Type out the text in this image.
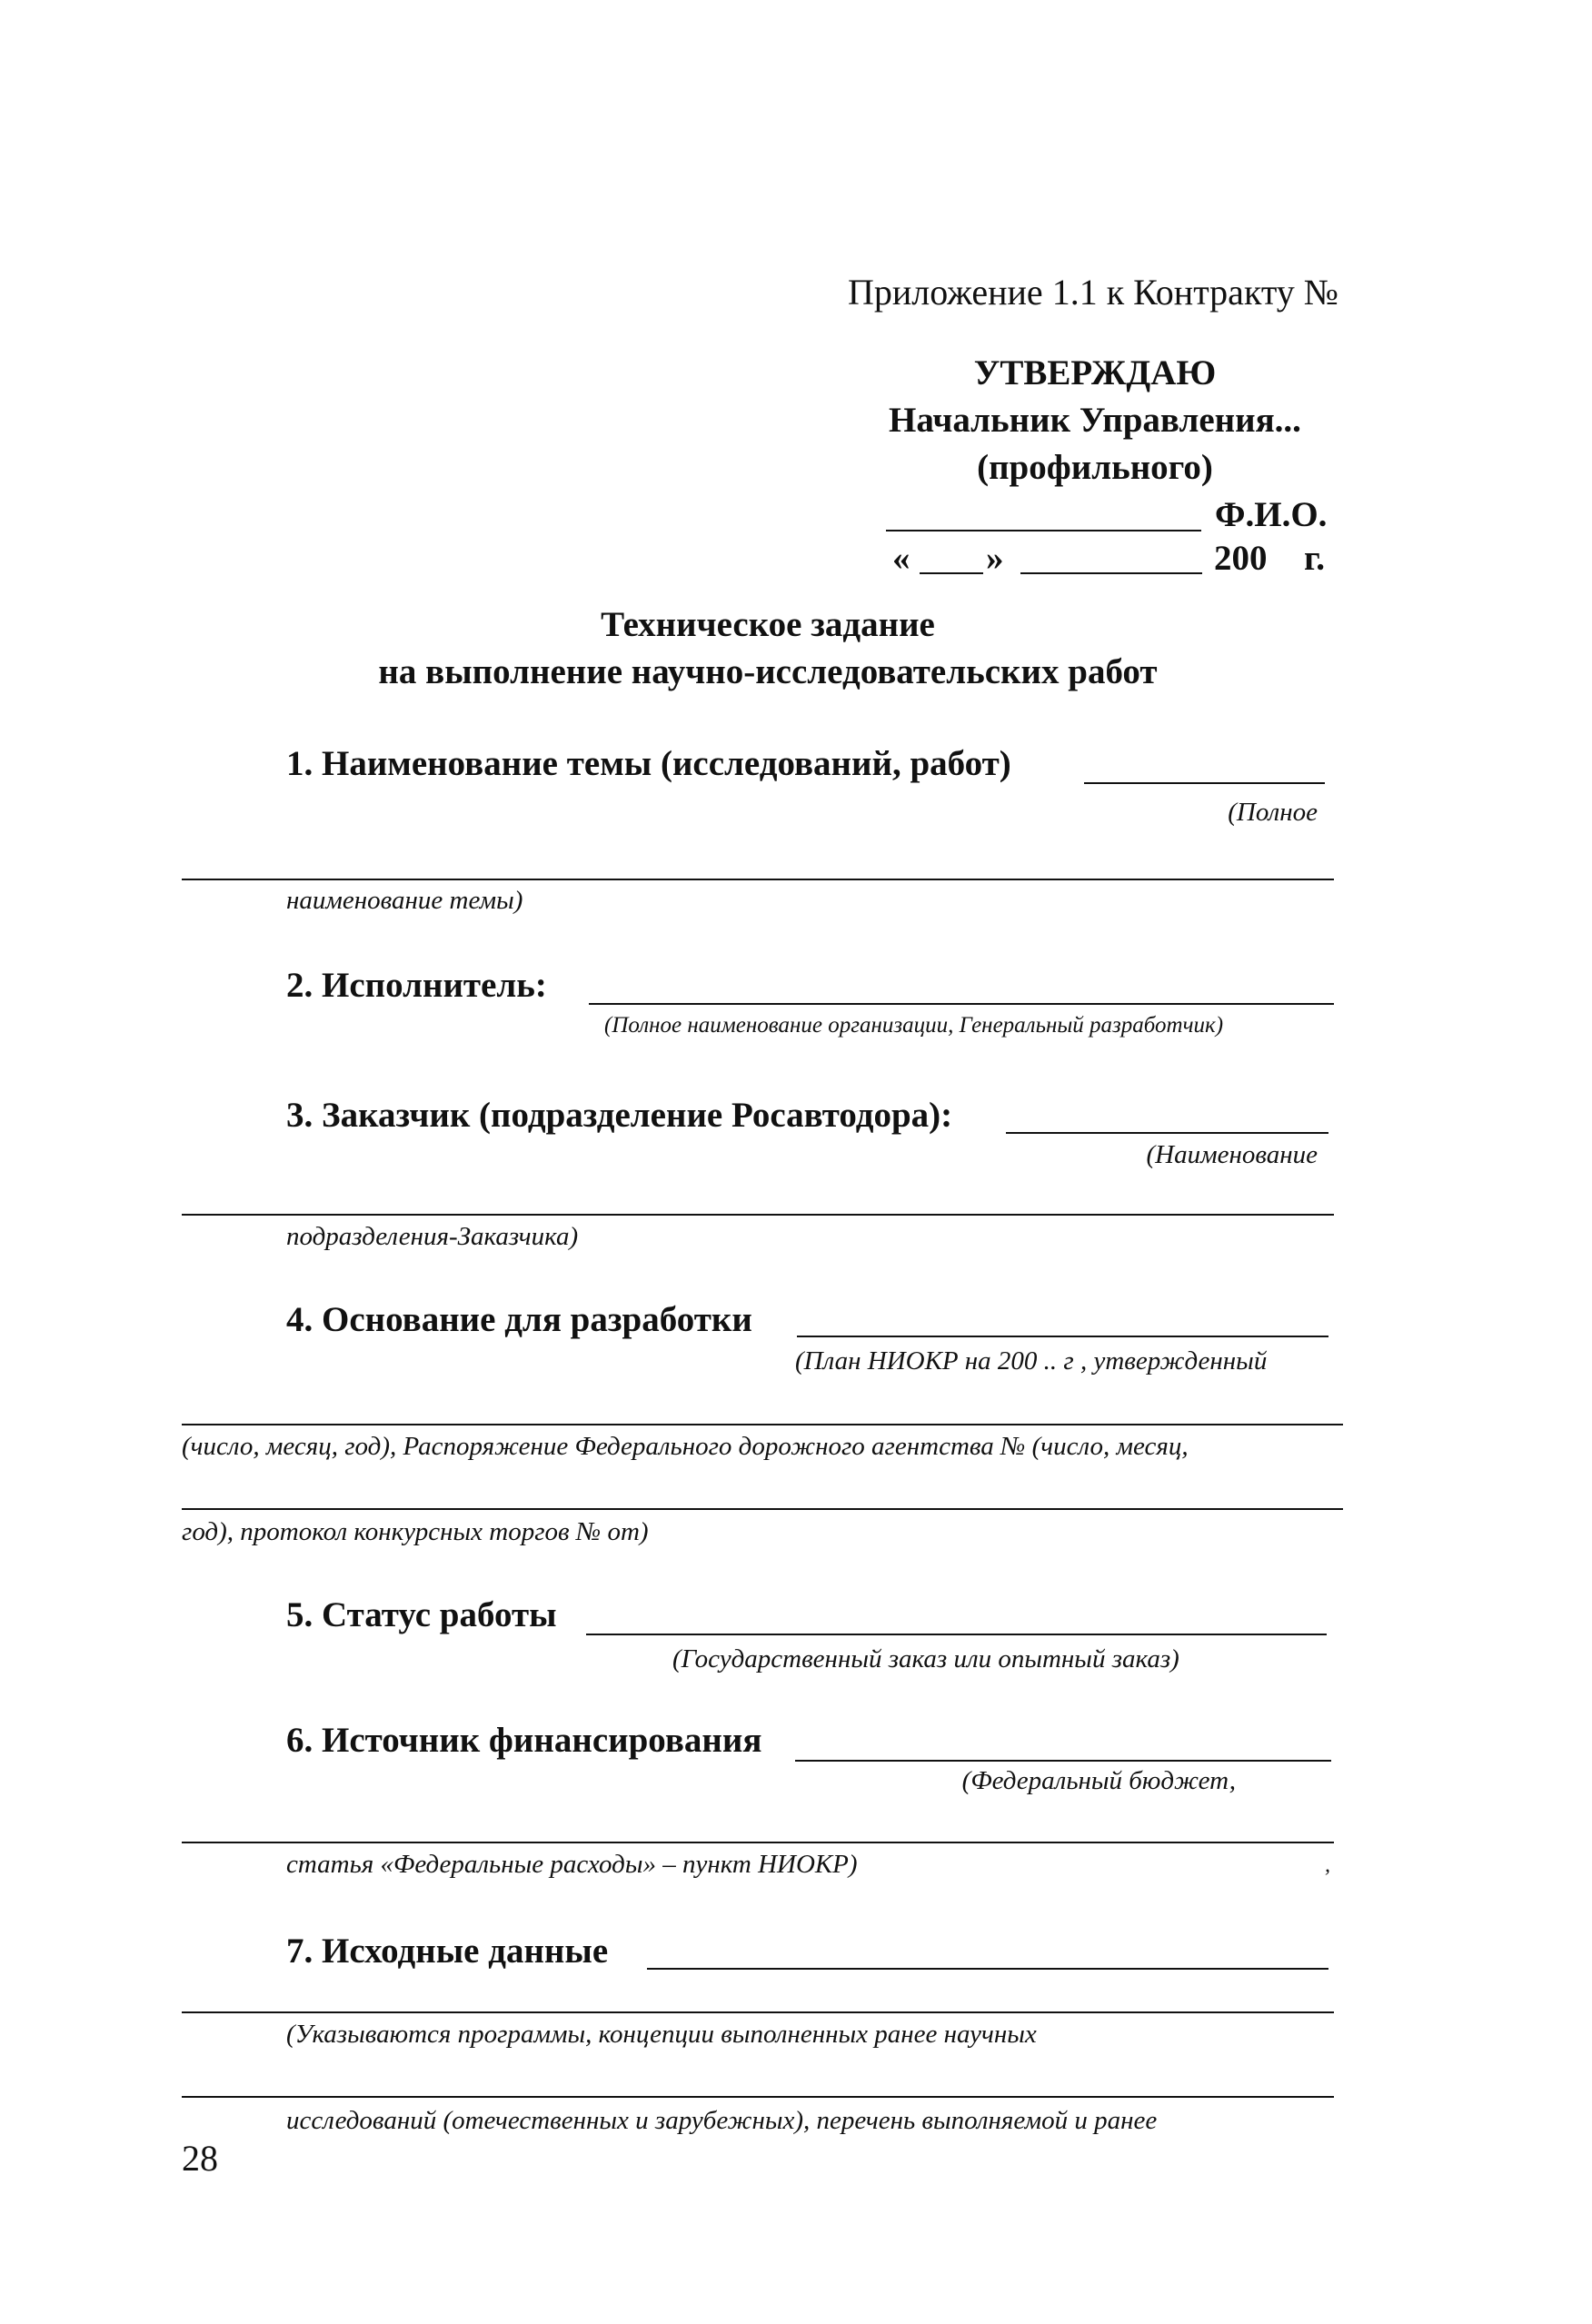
Приложение 1.1 к Контракту №
УТВЕРЖДАЮ
Начальник Управления...
(профильного)
Ф.И.О.
« »	200 г.
Техническое задание
на выполнение научно-исследовательских работ
1. Наименование темы (исследований, работ)
(Полное
наименование темы)
2. Исполнитель:
(Полное наименование организации, Генеральный разработчик)
3. Заказчик (подразделение Росавтодора):
(Наименование
подразделения-Заказчика)
4. Основание для разработки
(План НИОКР на 200 .. г , утвержденный
(число, месяц, год), Распоряжение Федерального дорожного агентства № (число, месяц,
год), протокол конкурсных торгов № от)
5. Статус работы
(Государственный заказ или опытный заказ)
6. Источник финансирования
(Федеральный бюджет,
статья «Федеральные расходы» – пункт НИОКР)	,
7. Исходные данные
(Указываются программы, концепции выполненных ранее научных
исследований (отечественных и зарубежных), перечень выполняемой и ранее
28
